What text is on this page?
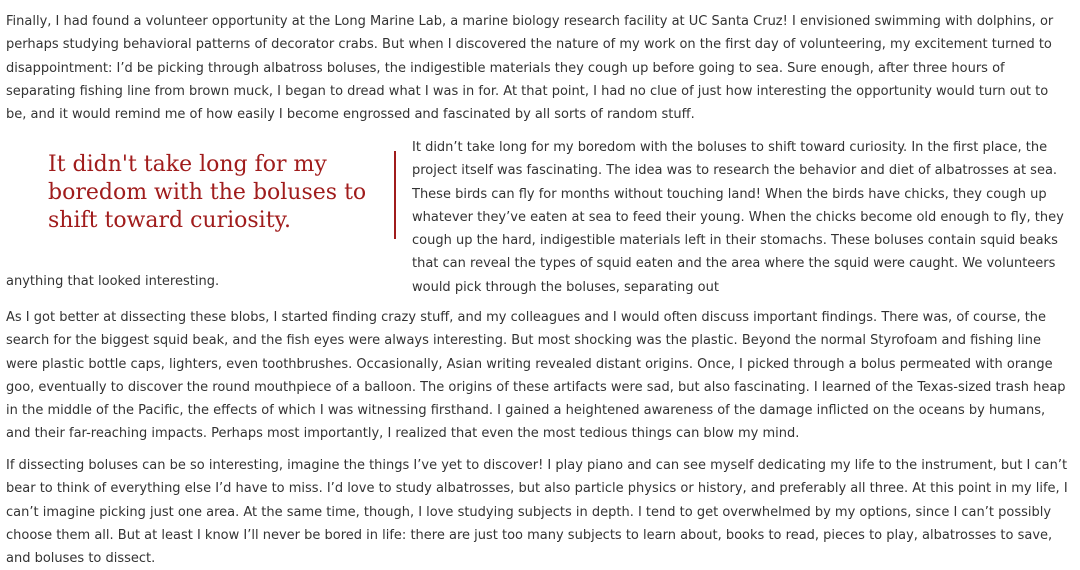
Finally, I had found a volunteer opportunity at the Long Marine Lab, a marine biology research facility at UC Santa Cruz! I envisioned swimming with dolphins, or perhaps studying behavioral patterns of decorator crabs. But when I discovered the nature of my work on the first day of volunteering, my excitement turned to disappointment: I’d be picking through albatross boluses, the indigestible materials they cough up before going to sea. Sure enough, after three hours of separating fishing line from brown muck, I began to dread what I was in for. At that point, I had no clue of just how interesting the opportunity would turn out to be, and it would remind me of how easily I become engrossed and fascinated by all sorts of random stuff.

It didn't take long for my boredom with the boluses to shift toward curiosity.

It didn’t take long for my boredom with the boluses to shift toward curiosity. In the first place, the project itself was fascinating. The idea was to research the behavior and diet of albatrosses at sea. These birds can fly for months without touching land! When the birds have chicks, they cough up whatever they’ve eaten at sea to feed their young. When the chicks become old enough to fly, they cough up the hard, indigestible materials left in their stomachs. These boluses contain squid beaks that can reveal the types of squid eaten and the area where the squid were caught. We volunteers would pick through the boluses, separating out

anything that looked interesting.

As I got better at dissecting these blobs, I started finding crazy stuff, and my colleagues and I would often discuss important findings. There was, of course, the search for the biggest squid beak, and the fish eyes were always interesting. But most shocking was the plastic. Beyond the normal Styrofoam and fishing line were plastic bottle caps, lighters, even toothbrushes. Occasionally, Asian writing revealed distant origins. Once, I picked through a bolus permeated with orange goo, eventually to discover the round mouthpiece of a balloon. The origins of these artifacts were sad, but also fascinating. I learned of the Texas-sized trash heap in the middle of the Pacific, the effects of which I was witnessing firsthand. I gained a heightened awareness of the damage inflicted on the oceans by humans, and their far-reaching impacts. Perhaps most importantly, I realized that even the most tedious things can blow my mind.

If dissecting boluses can be so interesting, imagine the things I’ve yet to discover! I play piano and can see myself dedicating my life to the instrument, but I can’t bear to think of everything else I’d have to miss. I’d love to study albatrosses, but also particle physics or history, and preferably all three. At this point in my life, I can’t imagine picking just one area. At the same time, though, I love studying subjects in depth. I tend to get overwhelmed by my options, since I can’t possibly choose them all. But at least I know I’ll never be bored in life: there are just too many subjects to learn about, books to read, pieces to play, albatrosses to save, and boluses to dissect.
